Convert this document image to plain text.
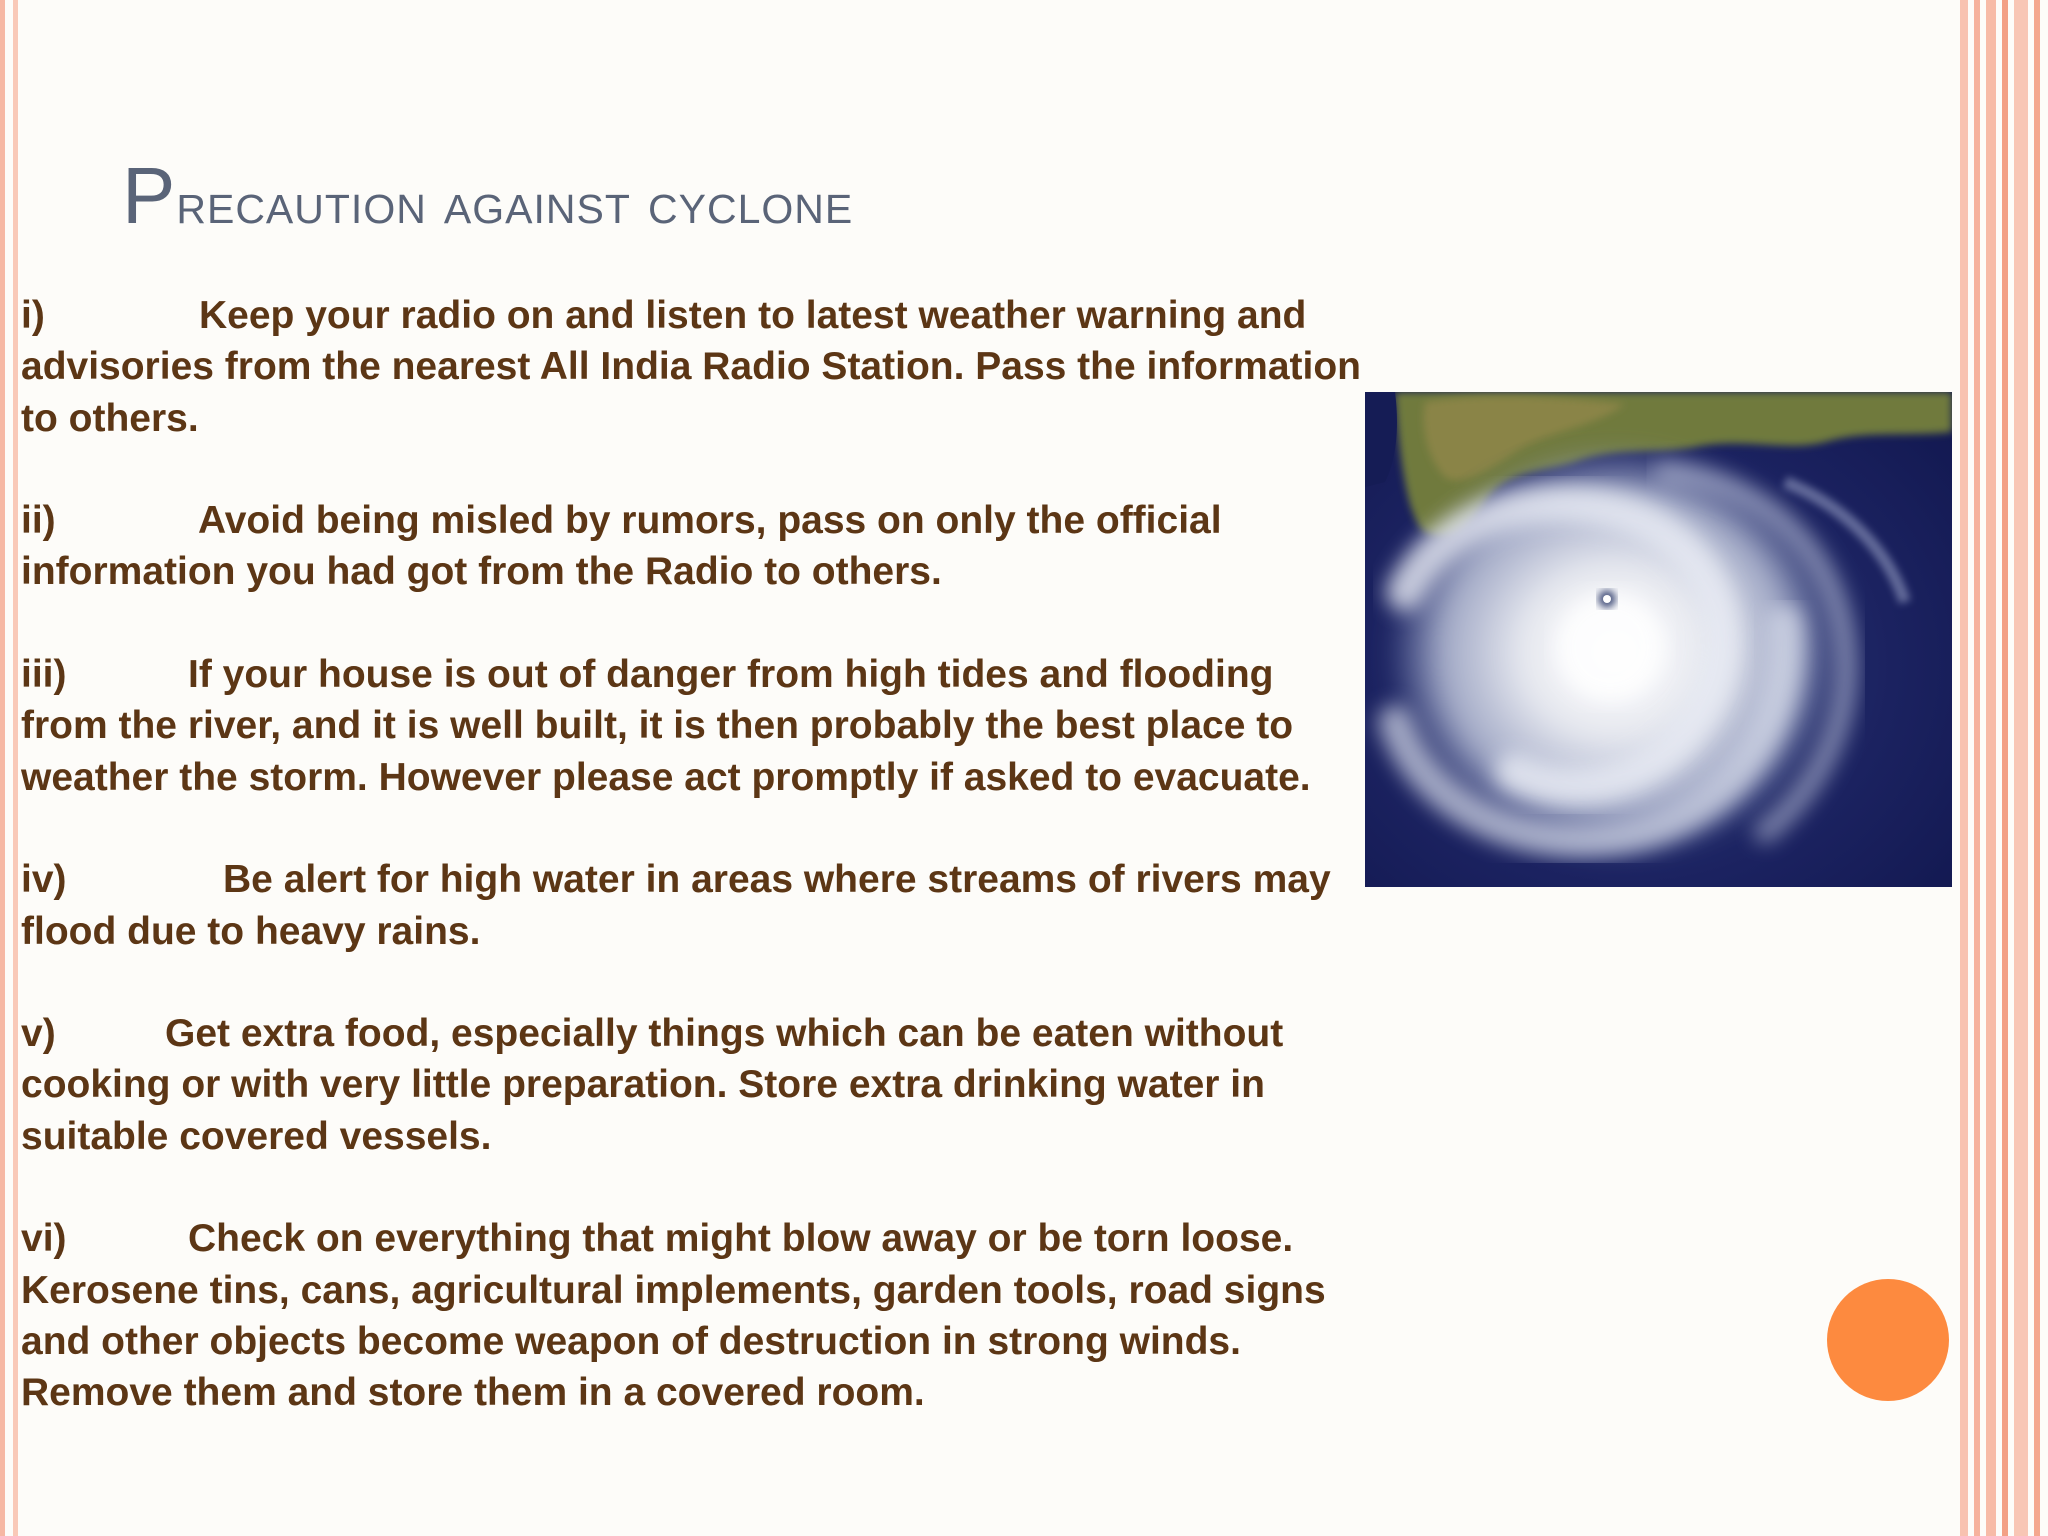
Precaution against cyclone

i)	Keep your radio on and listen to latest weather warning and advisories from the nearest All India Radio Station. Pass the information to others.

ii)	Avoid being misled by rumors, pass on only the official information you had got from the Radio to others.

iii)	If your house is out of danger from high tides and flooding from the river, and it is well built, it is then probably the best place to weather the storm. However please act promptly if asked to evacuate.

iv)	Be alert for high water in areas where streams of rivers may flood due to heavy rains.

v)	Get extra food, especially things which can be eaten without cooking or with very little preparation. Store extra drinking water in suitable covered vessels.

vi)	Check on everything that might blow away or be torn loose. Kerosene tins, cans, agricultural implements, garden tools, road signs and other objects become weapon of destruction in strong winds. Remove them and store them in a covered room.
